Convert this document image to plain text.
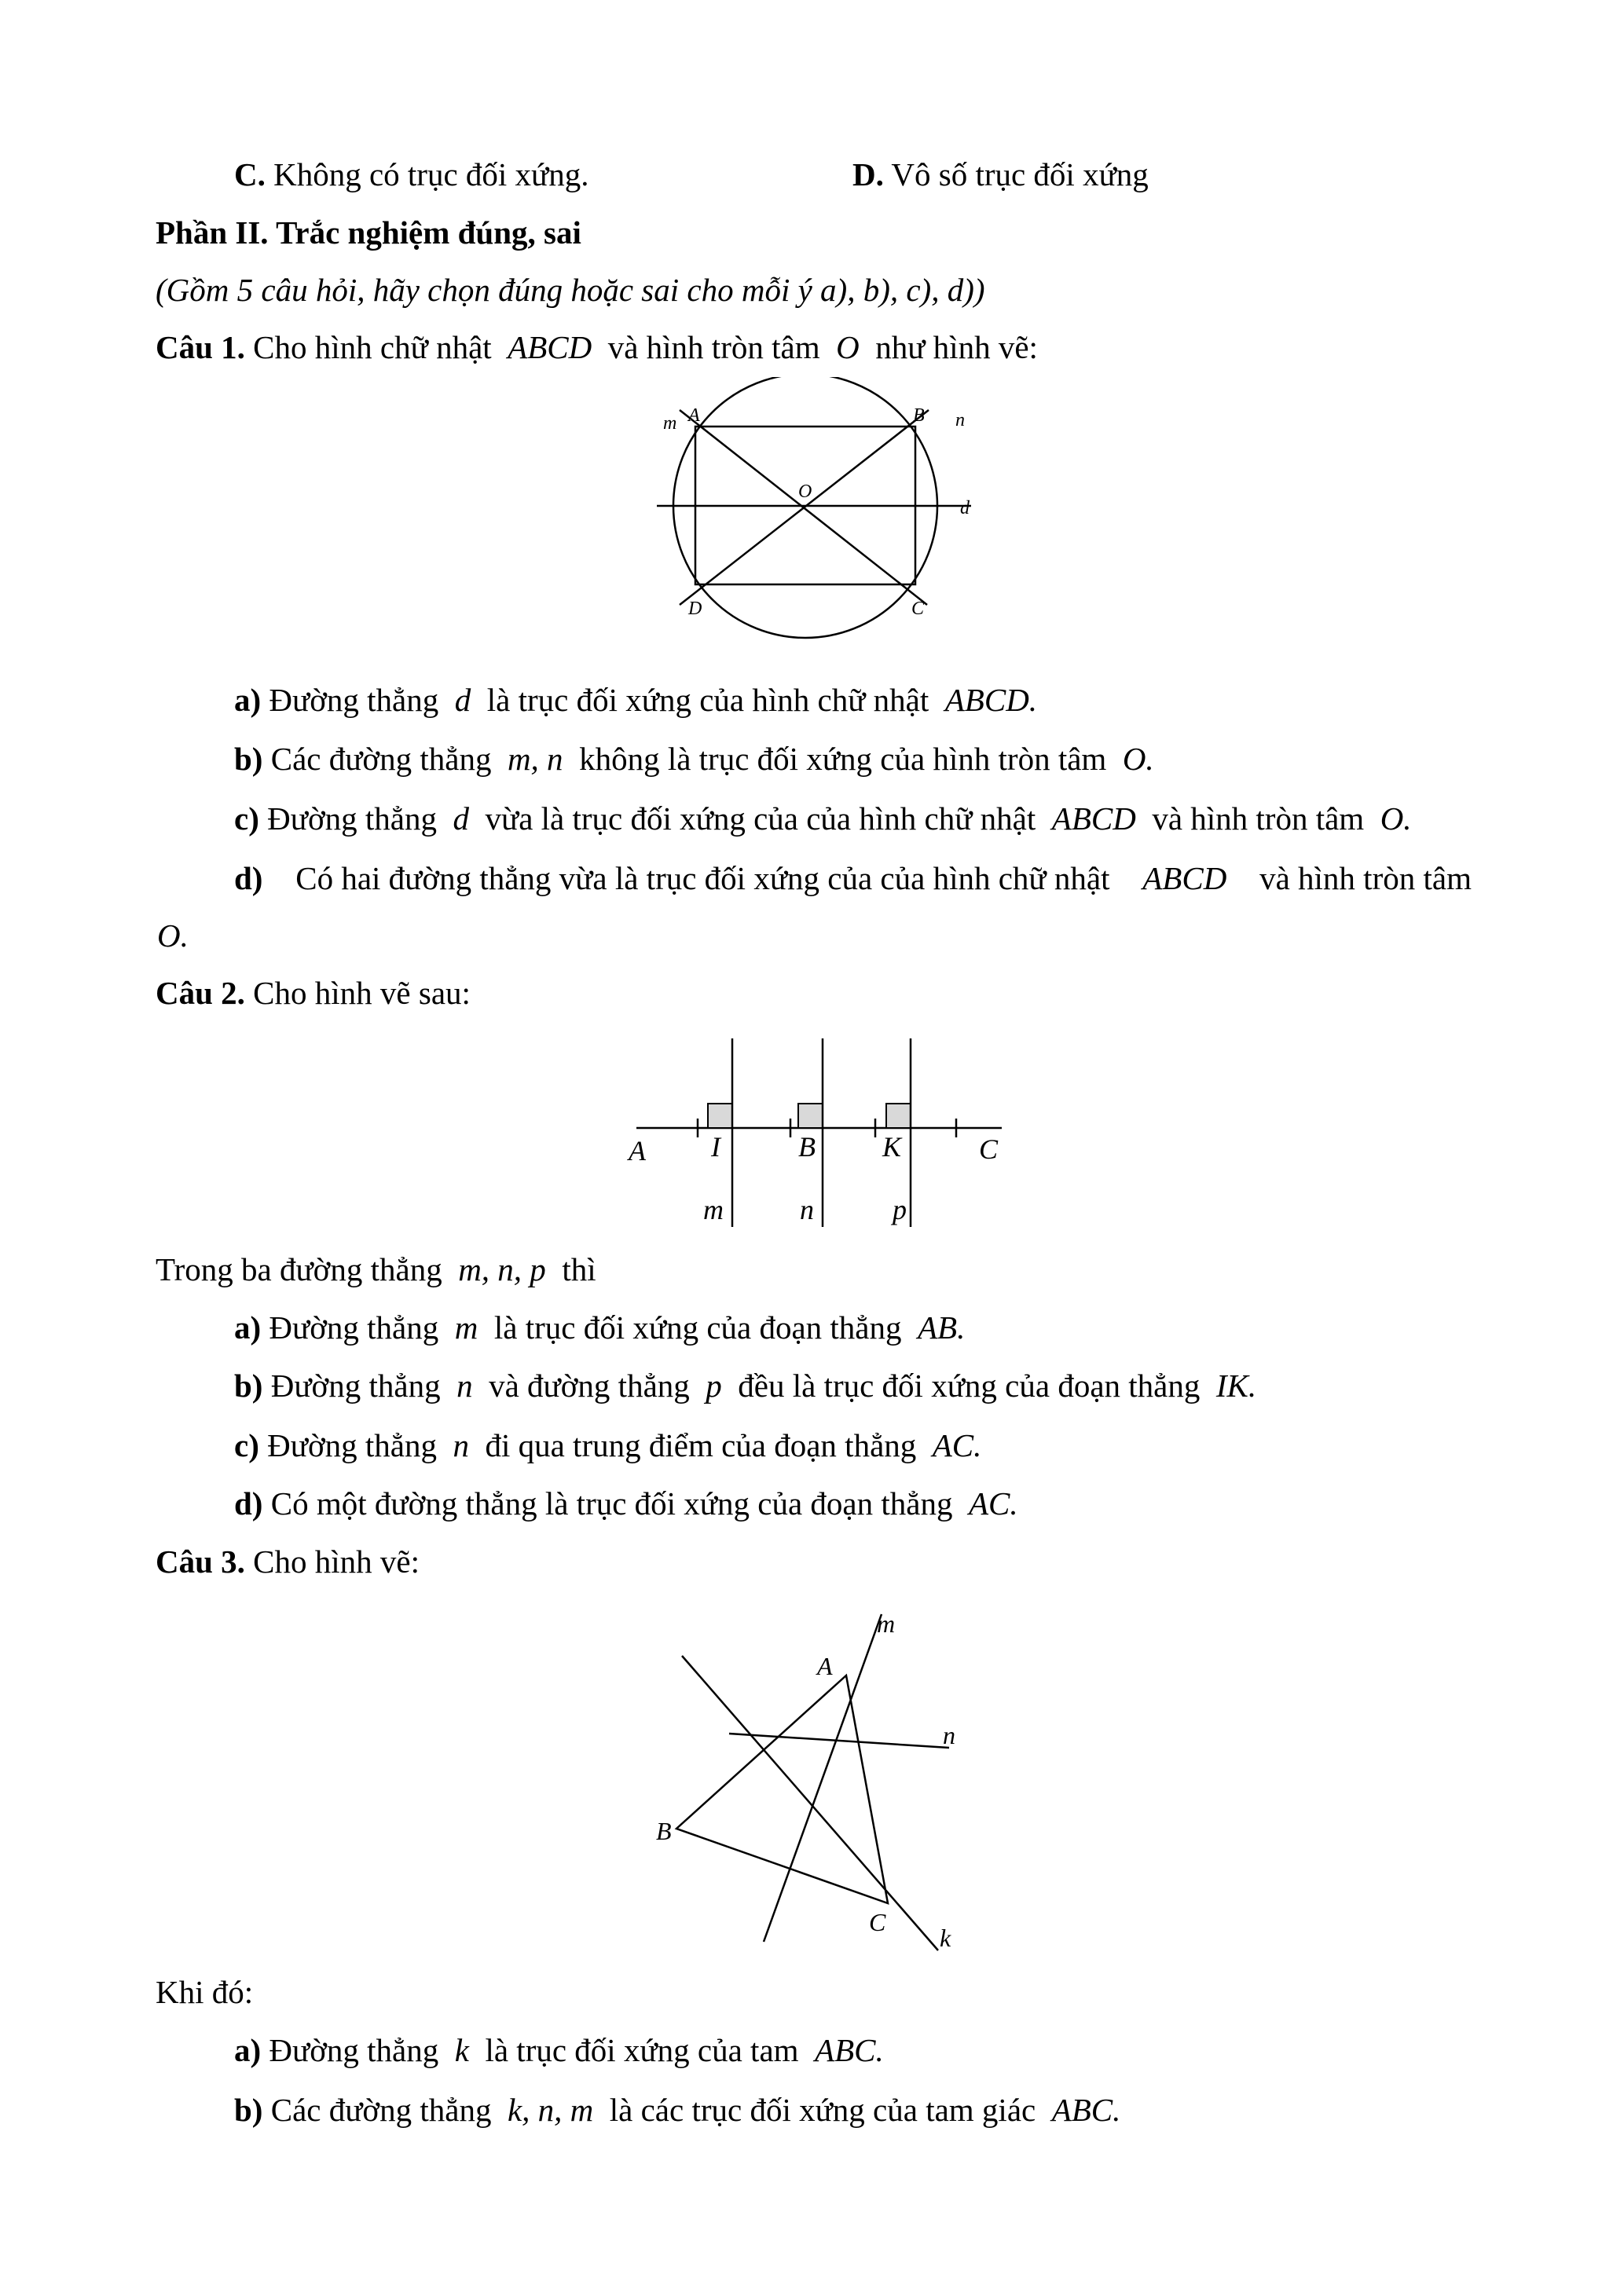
C. Không có trục đối xứng.	D. Vô số trục đối xứng
Phần II. Trắc nghiệm đúng, sai
(Gồm 5 câu hỏi, hãy chọn đúng hoặc sai cho mỗi ý a), b), c), d))
Câu 1. Cho hình chữ nhật ABCD và hình tròn tâm O như hình vẽ:
m A	B n
O
d
D	C
a) Đường thẳng d là trục đối xứng của hình chữ nhật ABCD.
b) Các đường thẳng m, n không là trục đối xứng của hình tròn tâm O.
c) Đường thẳng d vừa là trục đối xứng của của hình chữ nhật ABCD và hình tròn tâm O.
d) Có hai đường thẳng vừa là trục đối xứng của của hình chữ nhật ABCD và hình tròn tâm
O.
Câu 2. Cho hình vẽ sau:
A I	B K	C
m	n	p
Trong ba đường thẳng m, n, p thì
a) Đường thẳng m là trục đối xứng của đoạn thẳng AB.
b) Đường thẳng n và đường thẳng p đều là trục đối xứng của đoạn thẳng IK.
c) Đường thẳng n đi qua trung điểm của đoạn thẳng AC.
d) Có một đường thẳng là trục đối xứng của đoạn thẳng AC.
Câu 3. Cho hình vẽ:
m
A
n
B
C
k
Khi đó:
a) Đường thẳng k là trục đối xứng của tam ABC.
b) Các đường thẳng k, n, m là các trục đối xứng của tam giác ABC.
